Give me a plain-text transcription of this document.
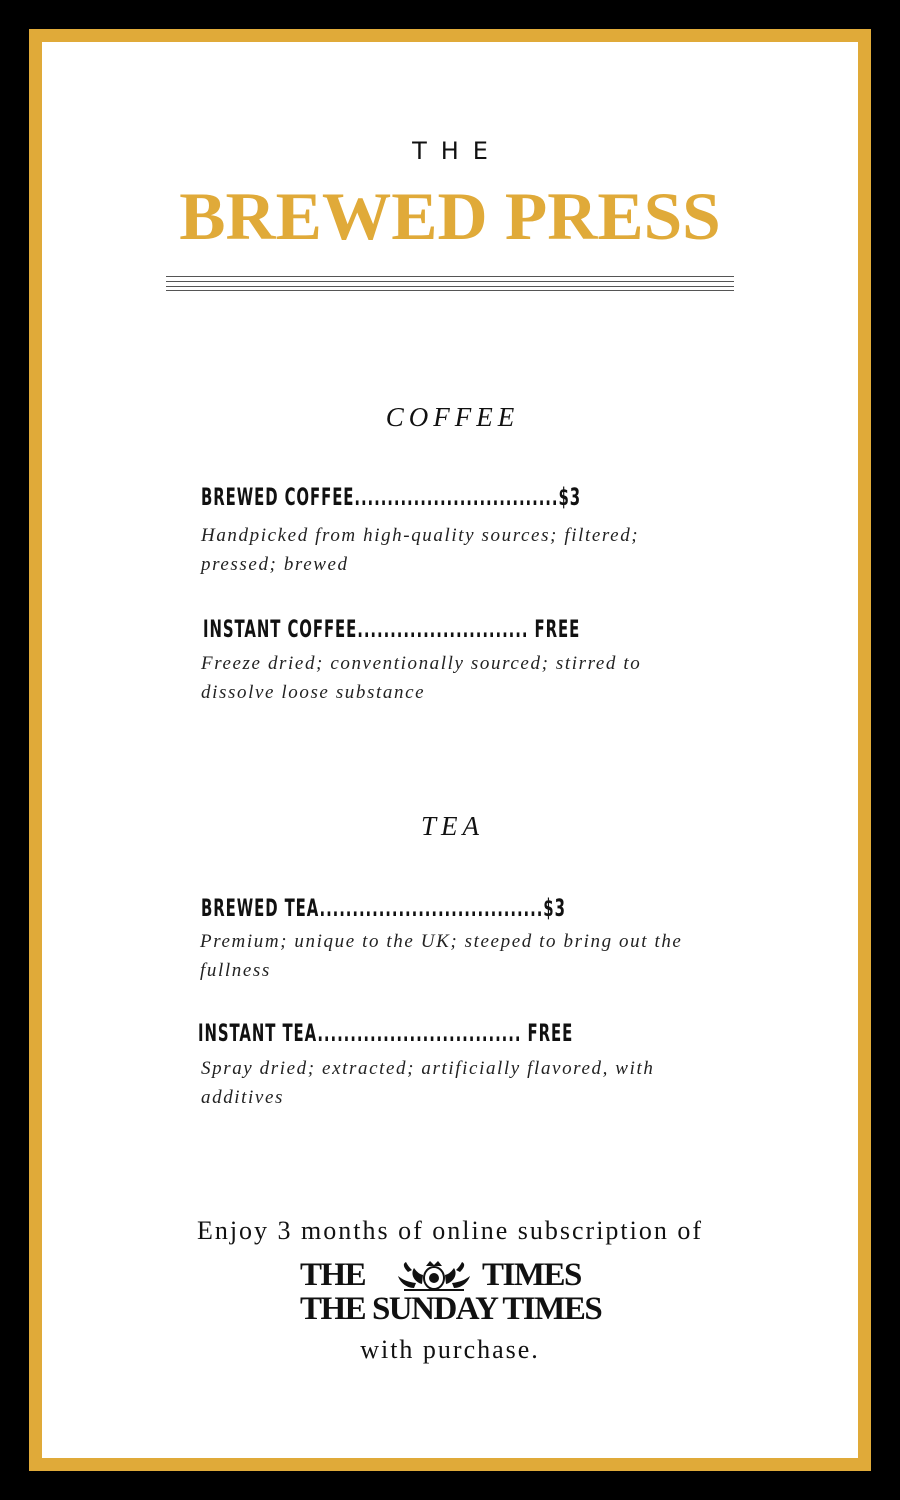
THE
BREWED PRESS
COFFEE
BREWED COFFEE...............................$3
Handpicked from high-quality sources; filtered; pressed; brewed
INSTANT COFFEE.......................... FREE
Freeze dried; conventionally sourced; stirred to dissolve loose substance
TEA
BREWED TEA..................................$3
Premium; unique to the UK; steeped to bring out the fullness
INSTANT TEA............................... FREE
Spray dried; extracted; artificially flavored, with additives
Enjoy 3 months of online subscription of
THE	TIMES
THE SUNDAY TIMES
with purchase.
